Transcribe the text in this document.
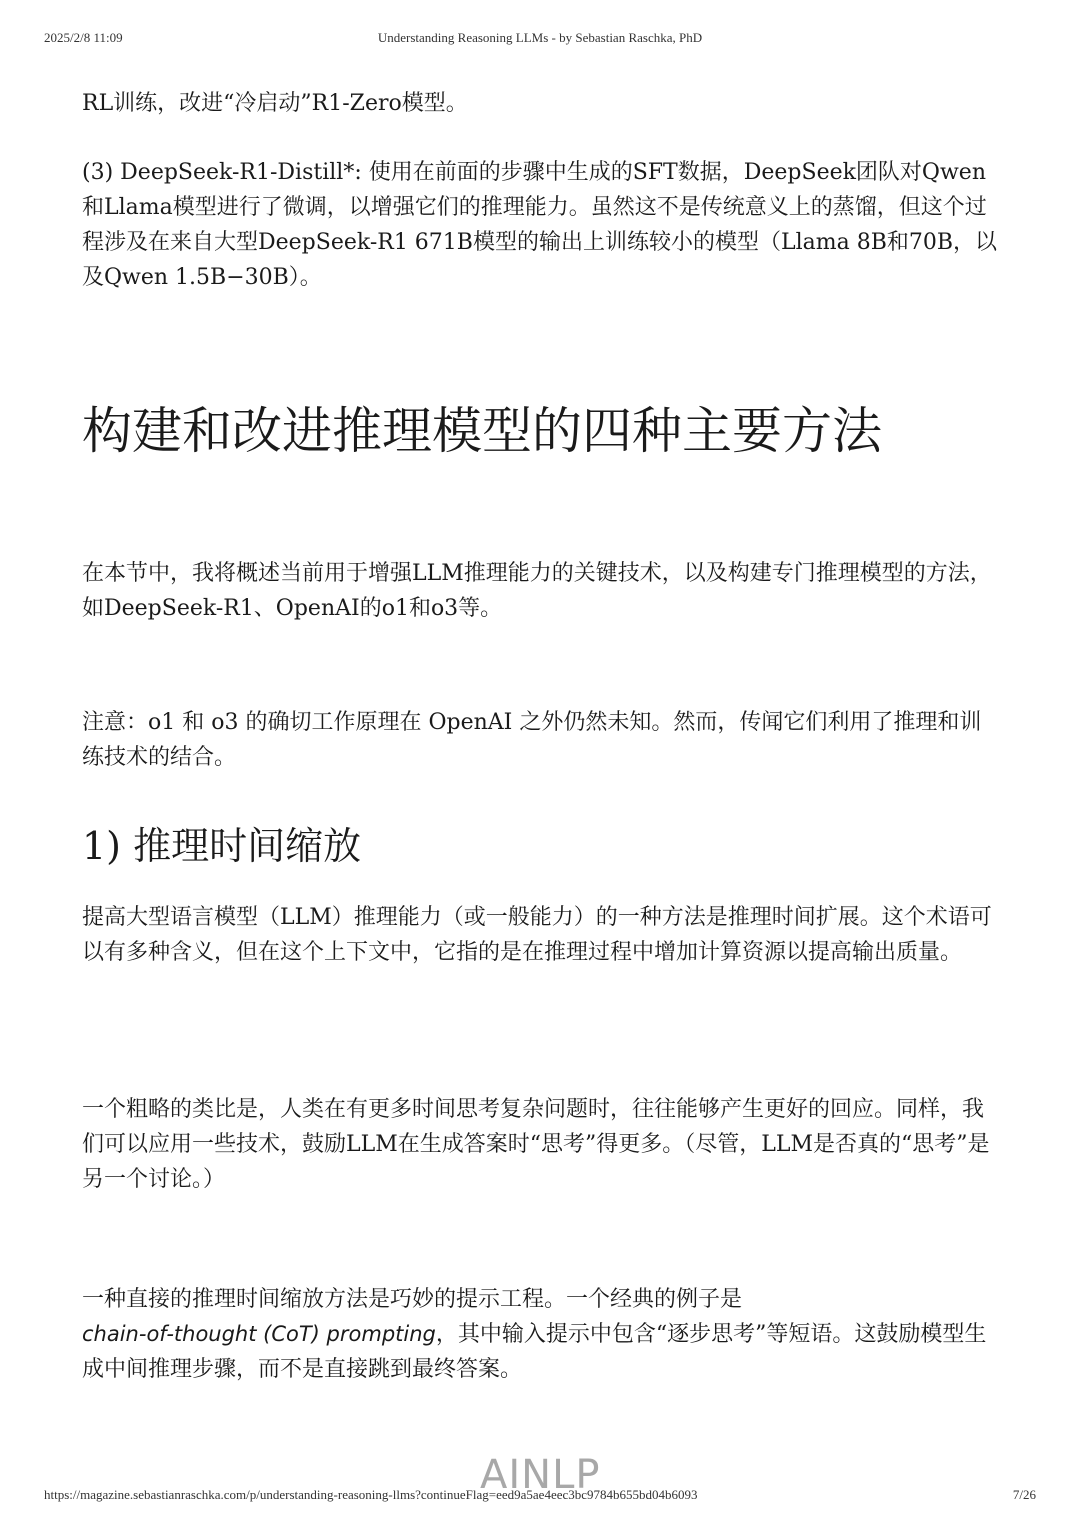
Understanding Reasoning LLMs - by Sebastian Raschka, PhD
2025/2/8 11:09

RL训练，改进“冷启动”R1-Zero模型。

(3) DeepSeek-R1-Distill*: 使用在前面的步骤中生成的SFT数据，DeepSeek团队对Qwen和Llama模型进行了微调，以增强它们的推理能力。虽然这不是传统意义上的蒸馏，但这个过程涉及在来自大型DeepSeek-R1 671B模型的输出上训练较小的模型（Llama 8B和70B，以及Qwen 1.5B−30B）。

构建和改进推理模型的四种主要方法

在本节中，我将概述当前用于增强LLM推理能力的关键技术，以及构建专门推理模型的方法，如DeepSeek-R1、OpenAI的o1和o3等。

注意：o1 和 o3 的确切工作原理在 OpenAI 之外仍然未知。然而，传闻它们利用了推理和训练技术的结合。

1) 推理时间缩放

提高大型语言模型（LLM）推理能力（或一般能力）的一种方法是推理时间扩展。这个术语可以有多种含义，但在这个上下文中，它指的是在推理过程中增加计算资源以提高输出质量。

一个粗略的类比是，人类在有更多时间思考复杂问题时，往往能够产生更好的回应。同样，我们可以应用一些技术，鼓励LLM在生成答案时“思考”得更多。（尽管，LLM是否真的“思考”是另一个讨论。）

一种直接的推理时间缩放方法是巧妙的提示工程。一个经典的例子是
chain-of-thought (CoT) prompting，其中输入提示中包含“逐步思考”等短语。这鼓励模型生成中间推理步骤，而不是直接跳到最终答案。

AINLP
https://magazine.sebastianraschka.com/p/understanding-reasoning-llms?continueFlag=eed9a5ae4eec3bc9784b655bd04b6093	7/26
